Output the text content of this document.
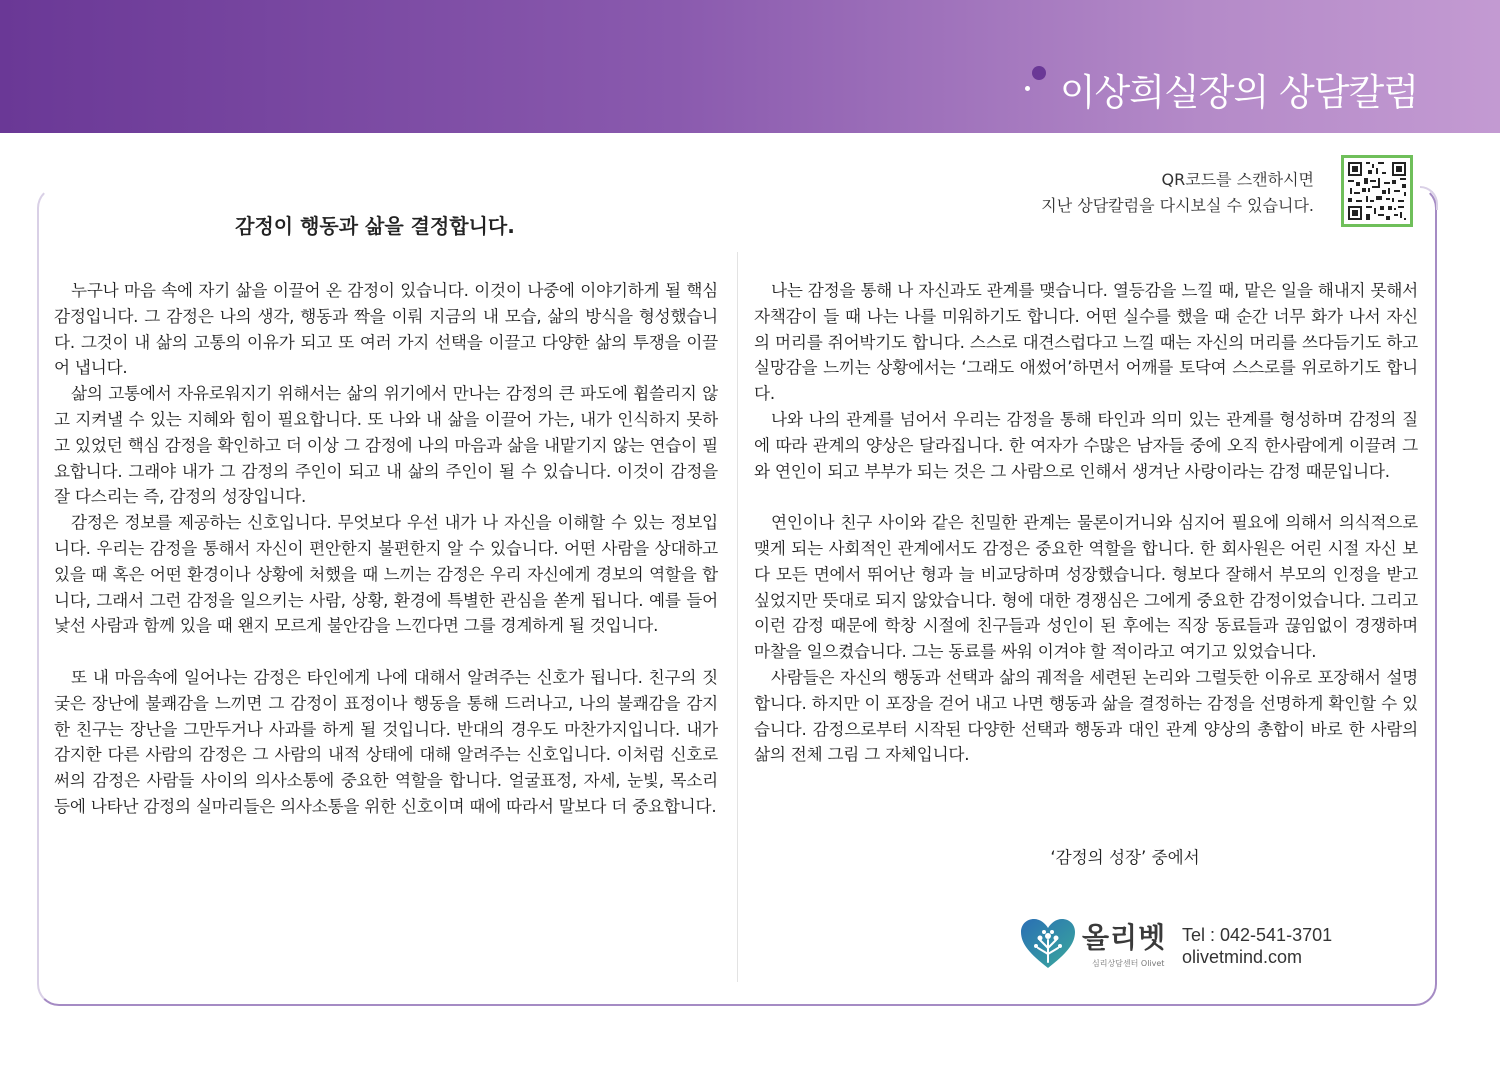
이상희실장의 상담칼럼
QR코드를 스캔하시면
지난 상담칼럼을 다시보실 수 있습니다.
감정이 행동과 삶을 결정합니다.

누구나 마음 속에 자기 삶을 이끌어 온 감정이 있습니다. 이것이 나중에 이야기하게 될 핵심 감정입니다. 그 감정은 나의 생각, 행동과 짝을 이뤄 지금의 내 모습, 삶의 방식을 형성했습니다. 그것이 내 삶의 고통의 이유가 되고 또 여러 가지 선택을 이끌고 다양한 삶의 투쟁을 이끌어 냅니다.

삶의 고통에서 자유로워지기 위해서는 삶의 위기에서 만나는 감정의 큰 파도에 휩쓸리지 않고 지켜낼 수 있는 지혜와 힘이 필요합니다. 또 나와 내 삶을 이끌어 가는, 내가 인식하지 못하고 있었던 핵심 감정을 확인하고 더 이상 그 감정에 나의 마음과 삶을 내맡기지 않는 연습이 필요합니다. 그래야 내가 그 감정의 주인이 되고 내 삶의 주인이 될 수 있습니다. 이것이 감정을 잘 다스리는 즉, 감정의 성장입니다.

감정은 정보를 제공하는 신호입니다. 무엇보다 우선 내가 나 자신을 이해할 수 있는 정보입니다. 우리는 감정을 통해서 자신이 편안한지 불편한지 알 수 있습니다. 어떤 사람을 상대하고 있을 때 혹은 어떤 환경이나 상황에 처했을 때 느끼는 감정은 우리 자신에게 경보의 역할을 합니다, 그래서 그런 감정을 일으키는 사람, 상황, 환경에 특별한 관심을 쏟게 됩니다. 예를 들어 낯선 사람과 함께 있을 때 왠지 모르게 불안감을 느낀다면 그를 경계하게 될 것입니다.

또 내 마음속에 일어나는 감정은 타인에게 나에 대해서 알려주는 신호가 됩니다. 친구의 짓궂은 장난에 불쾌감을 느끼면 그 감정이 표정이나 행동을 통해 드러나고, 나의 불쾌감을 감지한 친구는 장난을 그만두거나 사과를 하게 될 것입니다. 반대의 경우도 마찬가지입니다. 내가 감지한 다른 사람의 감정은 그 사람의 내적 상태에 대해 알려주는 신호입니다. 이처럼 신호로써의 감정은 사람들 사이의 의사소통에 중요한 역할을 합니다. 얼굴표정, 자세, 눈빛, 목소리 등에 나타난 감정의 실마리들은 의사소통을 위한 신호이며 때에 따라서 말보다 더 중요합니다.

나는 감정을 통해 나 자신과도 관계를 맺습니다. 열등감을 느낄 때, 맡은 일을 해내지 못해서 자책감이 들 때 나는 나를 미워하기도 합니다. 어떤 실수를 했을 때 순간 너무 화가 나서 자신의 머리를 쥐어박기도 합니다. 스스로 대견스럽다고 느낄 때는 자신의 머리를 쓰다듬기도 하고 실망감을 느끼는 상황에서는 ‘그래도 애썼어’하면서 어깨를 토닥여 스스로를 위로하기도 합니다.

나와 나의 관계를 넘어서 우리는 감정을 통해 타인과 의미 있는 관계를 형성하며 감정의 질에 따라 관계의 양상은 달라집니다. 한 여자가 수많은 남자들 중에 오직 한사람에게 이끌려 그와 연인이 되고 부부가 되는 것은 그 사람으로 인해서 생겨난 사랑이라는 감정 때문입니다.

연인이나 친구 사이와 같은 친밀한 관계는 물론이거니와 심지어 필요에 의해서 의식적으로 맺게 되는 사회적인 관계에서도 감정은 중요한 역할을 합니다. 한 회사원은 어린 시절 자신 보다 모든 면에서 뛰어난 형과 늘 비교당하며 성장했습니다. 형보다 잘해서 부모의 인정을 받고 싶었지만 뜻대로 되지 않았습니다. 형에 대한 경쟁심은 그에게 중요한 감정이었습니다. 그리고 이런 감정 때문에 학창 시절에 친구들과 성인이 된 후에는 직장 동료들과 끊임없이 경쟁하며 마찰을 일으켰습니다. 그는 동료를 싸워 이겨야 할 적이라고 여기고 있었습니다.

사람들은 자신의 행동과 선택과 삶의 궤적을 세련된 논리와 그럴듯한 이유로 포장해서 설명합니다. 하지만 이 포장을 걷어 내고 나면 행동과 삶을 결정하는 감정을 선명하게 확인할 수 있습니다. 감정으로부터 시작된 다양한 선택과 행동과 대인 관계 양상의 총합이 바로 한 사람의 삶의 전체 그림 그 자체입니다.

‘감정의 성장’ 중에서
올리벳
심리상담센터 Olivet
Tel : 042-541-3701
olivetmind.com
